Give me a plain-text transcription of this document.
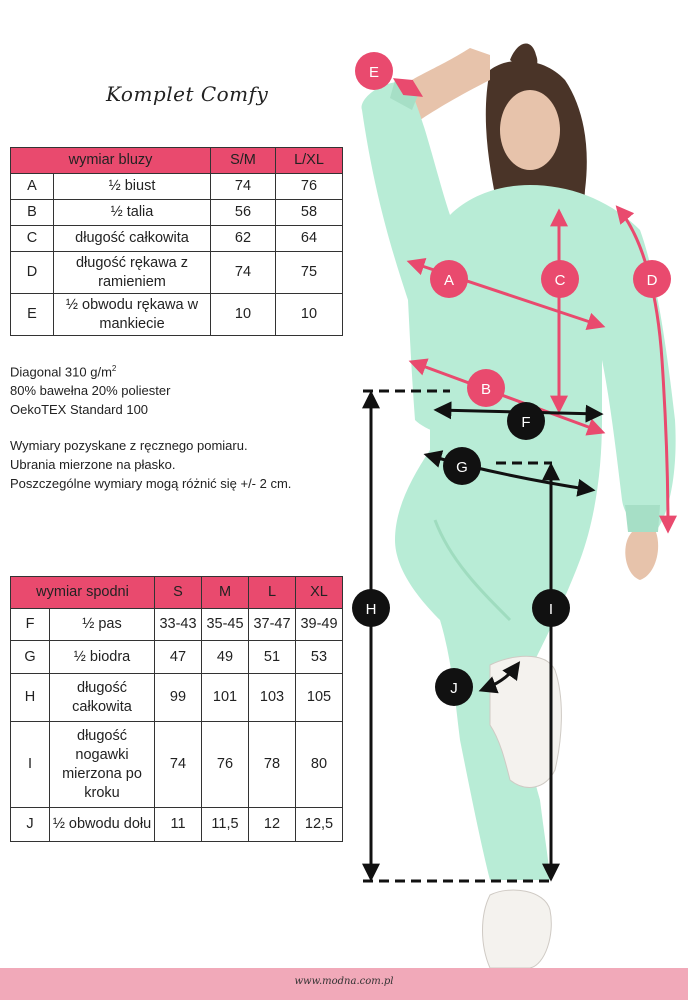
Komplet Comfy
wymiar bluzy		S/M	L/XL
A	½ biust	74	76
B	½ talia	56	58
C	długość całkowita	62	64
D	długość rękawa z ramieniem	74	75
E	½ obwodu rękawa w mankiecie	10	10
Diagonal 310 $g/m^2$
80% bawełna 20% poliester
OekoTEX Standard 100
Wymiary pozyskane z ręcznego pomiaru.
Ubrania mierzone na płasko.
Poszczególne wymiary mogą różnić się +/- 2 cm.
wymiar spodni		S	M	L	XL
F	½ pas	33-43	35-45	37-47	39-49
G	½ biodra	47	49	51	53
H	długość całkowita	99	101	103	105
I	długość nogawki mierzona po kroku	74	76	78	80
J	½ obwodu dołu	11	11,5	12	12,5
E
A	C	D
B
F
G
H	I
J
www.modna.com.pl
